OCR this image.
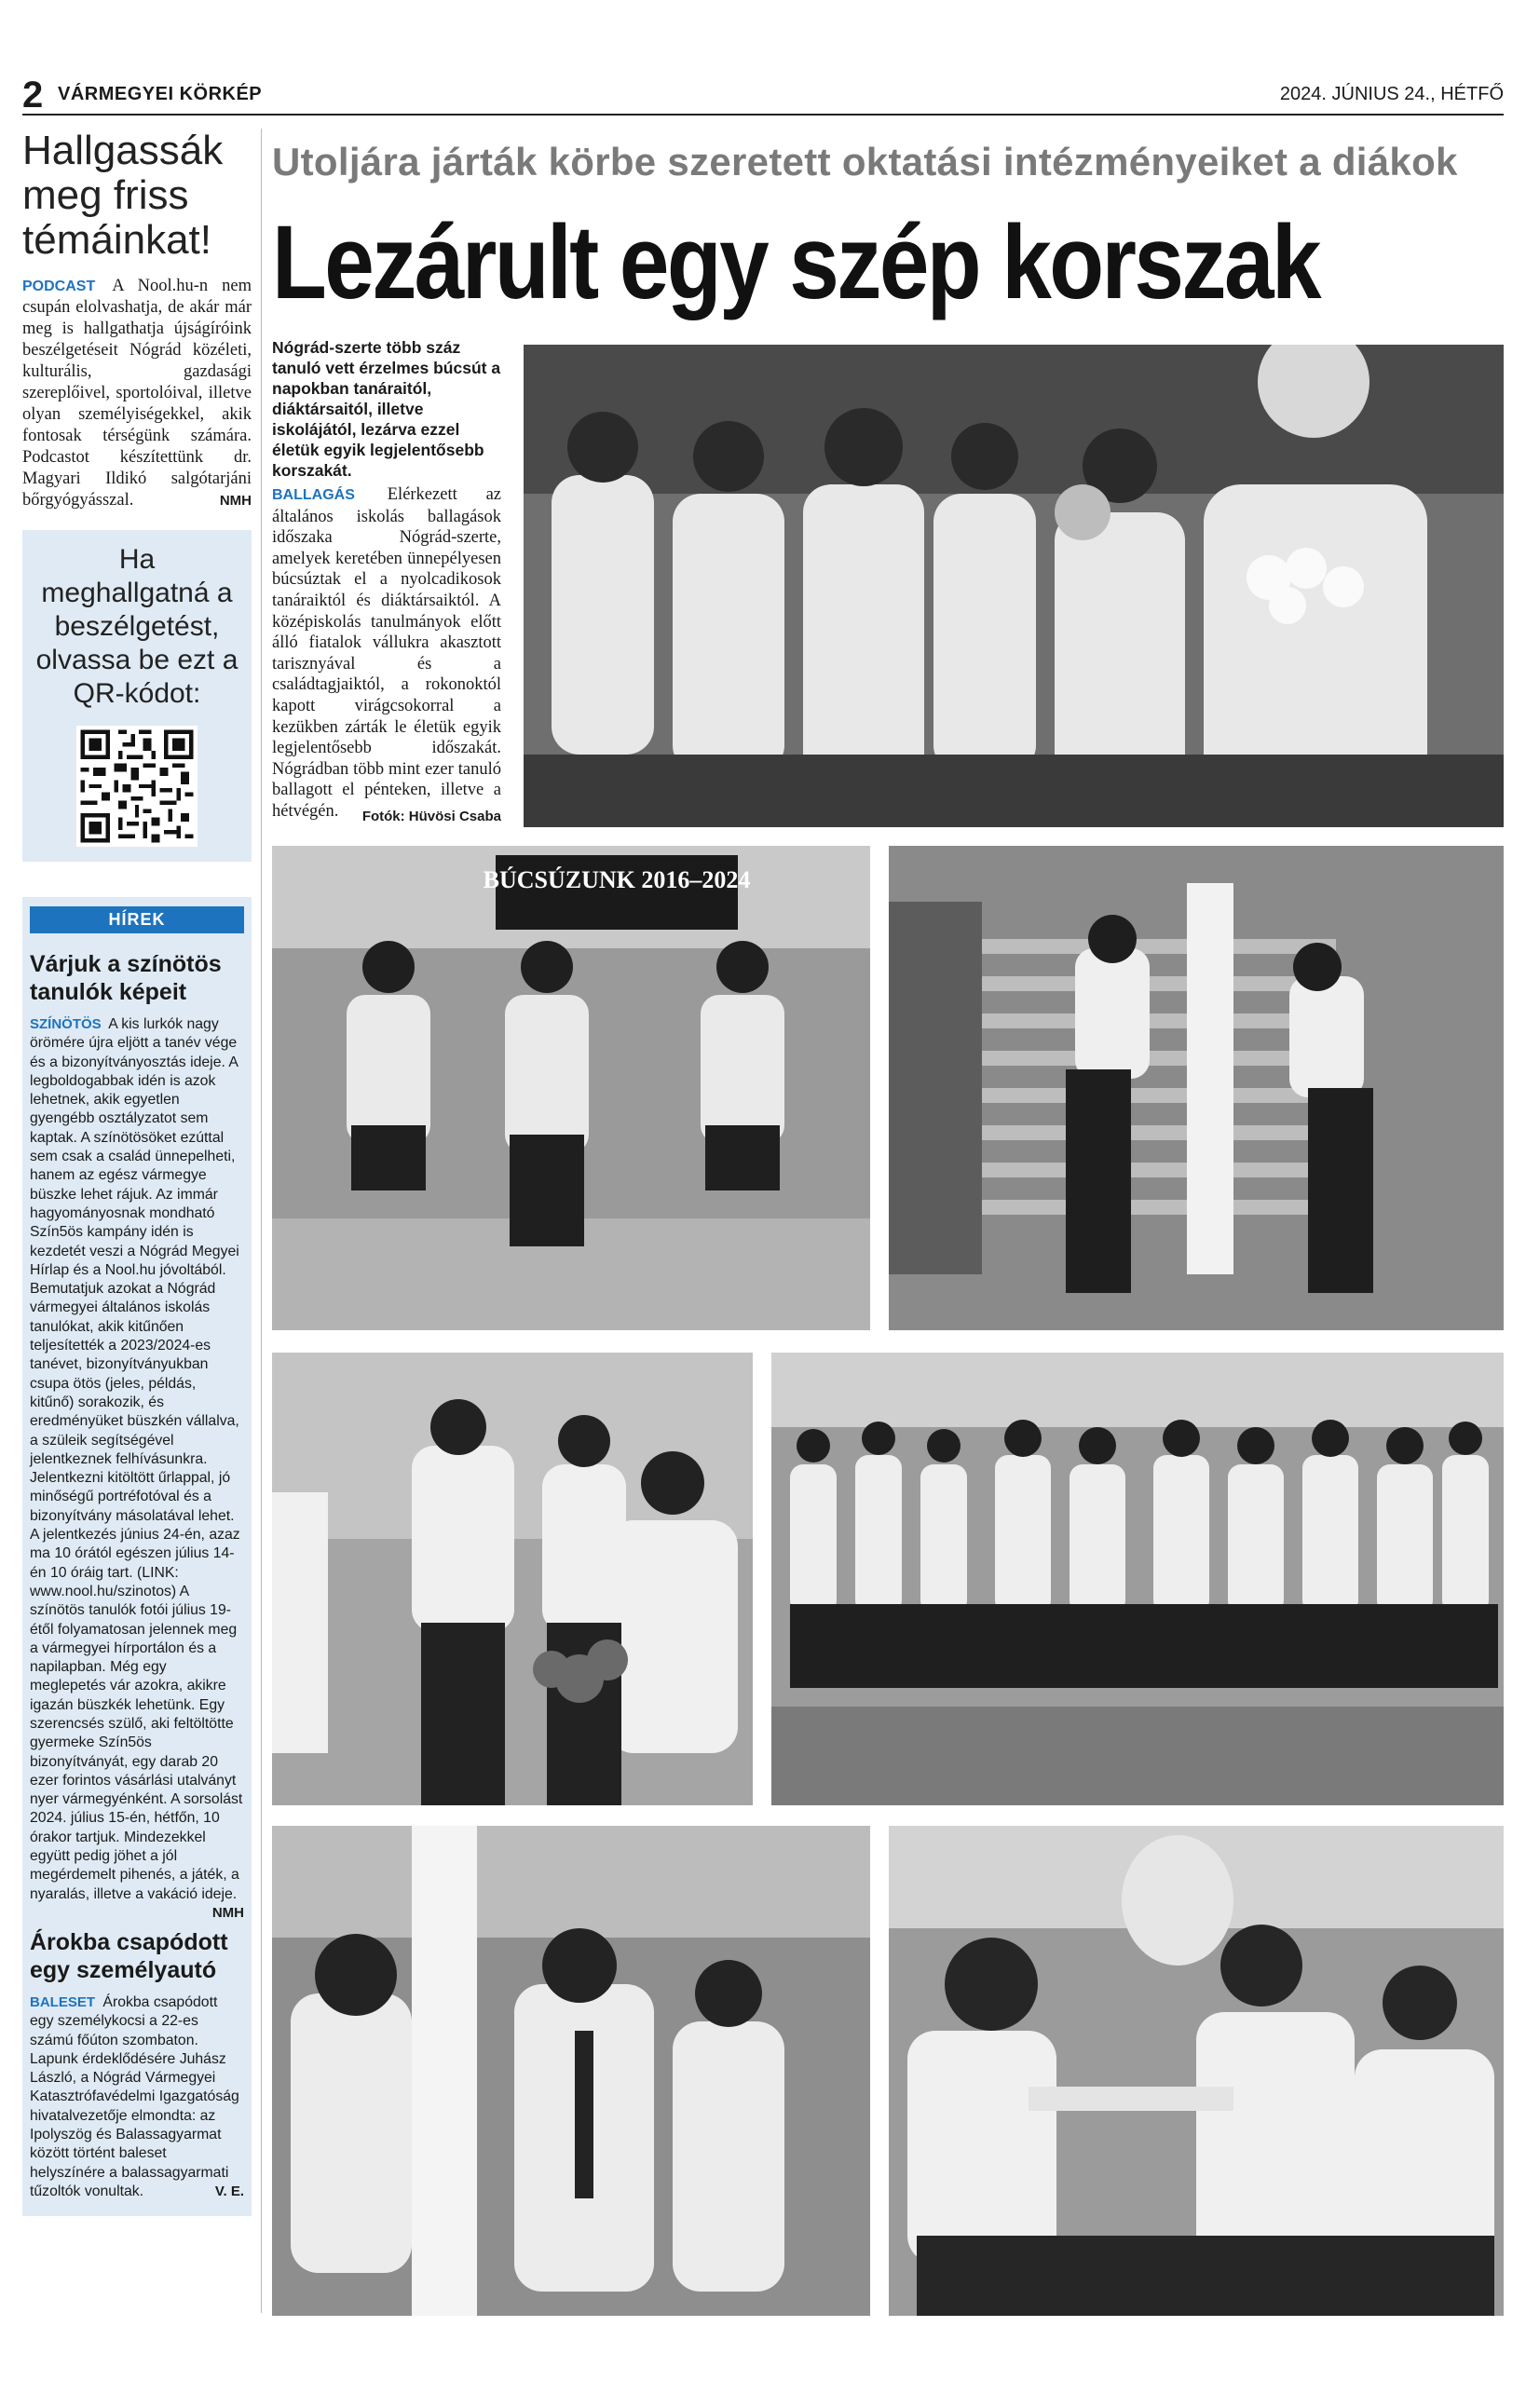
2 VÁRMEGYEI KÖRKÉP	2024. JÚNIUS 24., HÉTFŐ
Hallgassák meg friss témáinkat!

PODCAST A Nool.hu-n nem csupán elolvashatja, de akár már meg is hallgathatja újságíróink beszélgetéseit Nógrád közéleti, kulturális, gazdasági szereplőivel, sportolóival, illetve olyan személyiségekkel, akik fontosak térségünk számára. Podcastot készítettünk dr. Magyari Ildikó salgótarjáni bőrgyógyásszal.	NMH

Ha meghallgatná a beszélgetést, olvassa be ezt a QR-kódot:
HÍREK
Várjuk a színötös tanulók képeit

SZÍNÖTÖS A kis lurkók nagy örömére újra eljött a tanév vége és a bizonyítványosztás ideje. A legboldogabbak idén is azok lehetnek, akik egyetlen gyengébb osztályzatot sem kaptak. A színötösöket ezúttal sem csak a család ünnepelheti, hanem az egész vármegye büszke lehet rájuk. Az immár hagyományosnak mondható Szín5ös kampány idén is kezdetét veszi a Nógrád Megyei Hírlap és a Nool.hu jóvoltából. Bemutatjuk azokat a Nógrád vármegyei általános iskolás tanulókat, akik kitűnően teljesítették a 2023/2024-es tanévet, bizonyítványukban csupa ötös (jeles, példás, kitűnő) sorakozik, és eredményüket büszkén vállalva, a szüleik segítségével jelentkeznek felhívásunkra. Jelentkezni kitöltött űrlappal, jó minőségű portréfotóval és a bizonyítvány másolatával lehet. A jelentkezés június 24-én, azaz ma 10 órától egészen július 14-én 10 óráig tart. (LINK: www.nool.hu/szinotos) A színötös tanulók fotói július 19-étől folyamatosan jelennek meg a vármegyei hírportálon és a napilapban. Még egy meglepetés vár azokra, akikre igazán büszkék lehetünk. Egy szerencsés szülő, aki feltöltötte gyermeke Szín5ös bizonyítványát, egy darab 20 ezer forintos vásárlási utalványt nyer vármegyénként. A sorsolást 2024. július 15-én, hétfőn, 10 órakor tartjuk. Mindezekkel együtt pedig jöhet a jól megérdemelt pihenés, a játék, a nyaralás, illetve a vakáció ideje.
NMH

Árokba csapódott egy személyautó

BALESET Árokba csapódott egy személykocsi a 22-es számú főúton szombaton. Lapunk érdeklődésére Juhász László, a Nógrád Vármegyei Katasztrófavédelmi Igazgatóság hivatalvezetője elmondta: az Ipolyszög és Balassagyarmat között történt baleset helyszínére a balassagyarmati tűzoltók vonultak.	V. E.

Utoljára járták körbe szeretett oktatási intézményeiket a diákok
Lezárult egy szép korszak
Nógrád-szerte több száz tanuló vett érzelmes búcsút a napokban tanáraitól, diáktársaitól, illetve iskolájától, lezárva ezzel életük egyik legjelentősebb korszakát.

BALLAGÁS Elérkezett az általános iskolás ballagások időszaka Nógrád-szerte, amelyek keretében ünnepélyesen búcsúztak el a nyolcadikosok tanáraiktól és diáktársaiktól. A középiskolás tanulmányok előtt álló fiatalok vállukra akasztott tarisznyával és a családtagjaiktól, a rokonoktól kapott virágcsokorral a kezükben zárták le életük egyik legjelentősebb időszakát. Nógrádban több mint ezer tanuló ballagott el pénteken, illetve a hétvégén.	Fotók: Hüvösi Csaba
BÚCSÚZUNK 2016–2024
